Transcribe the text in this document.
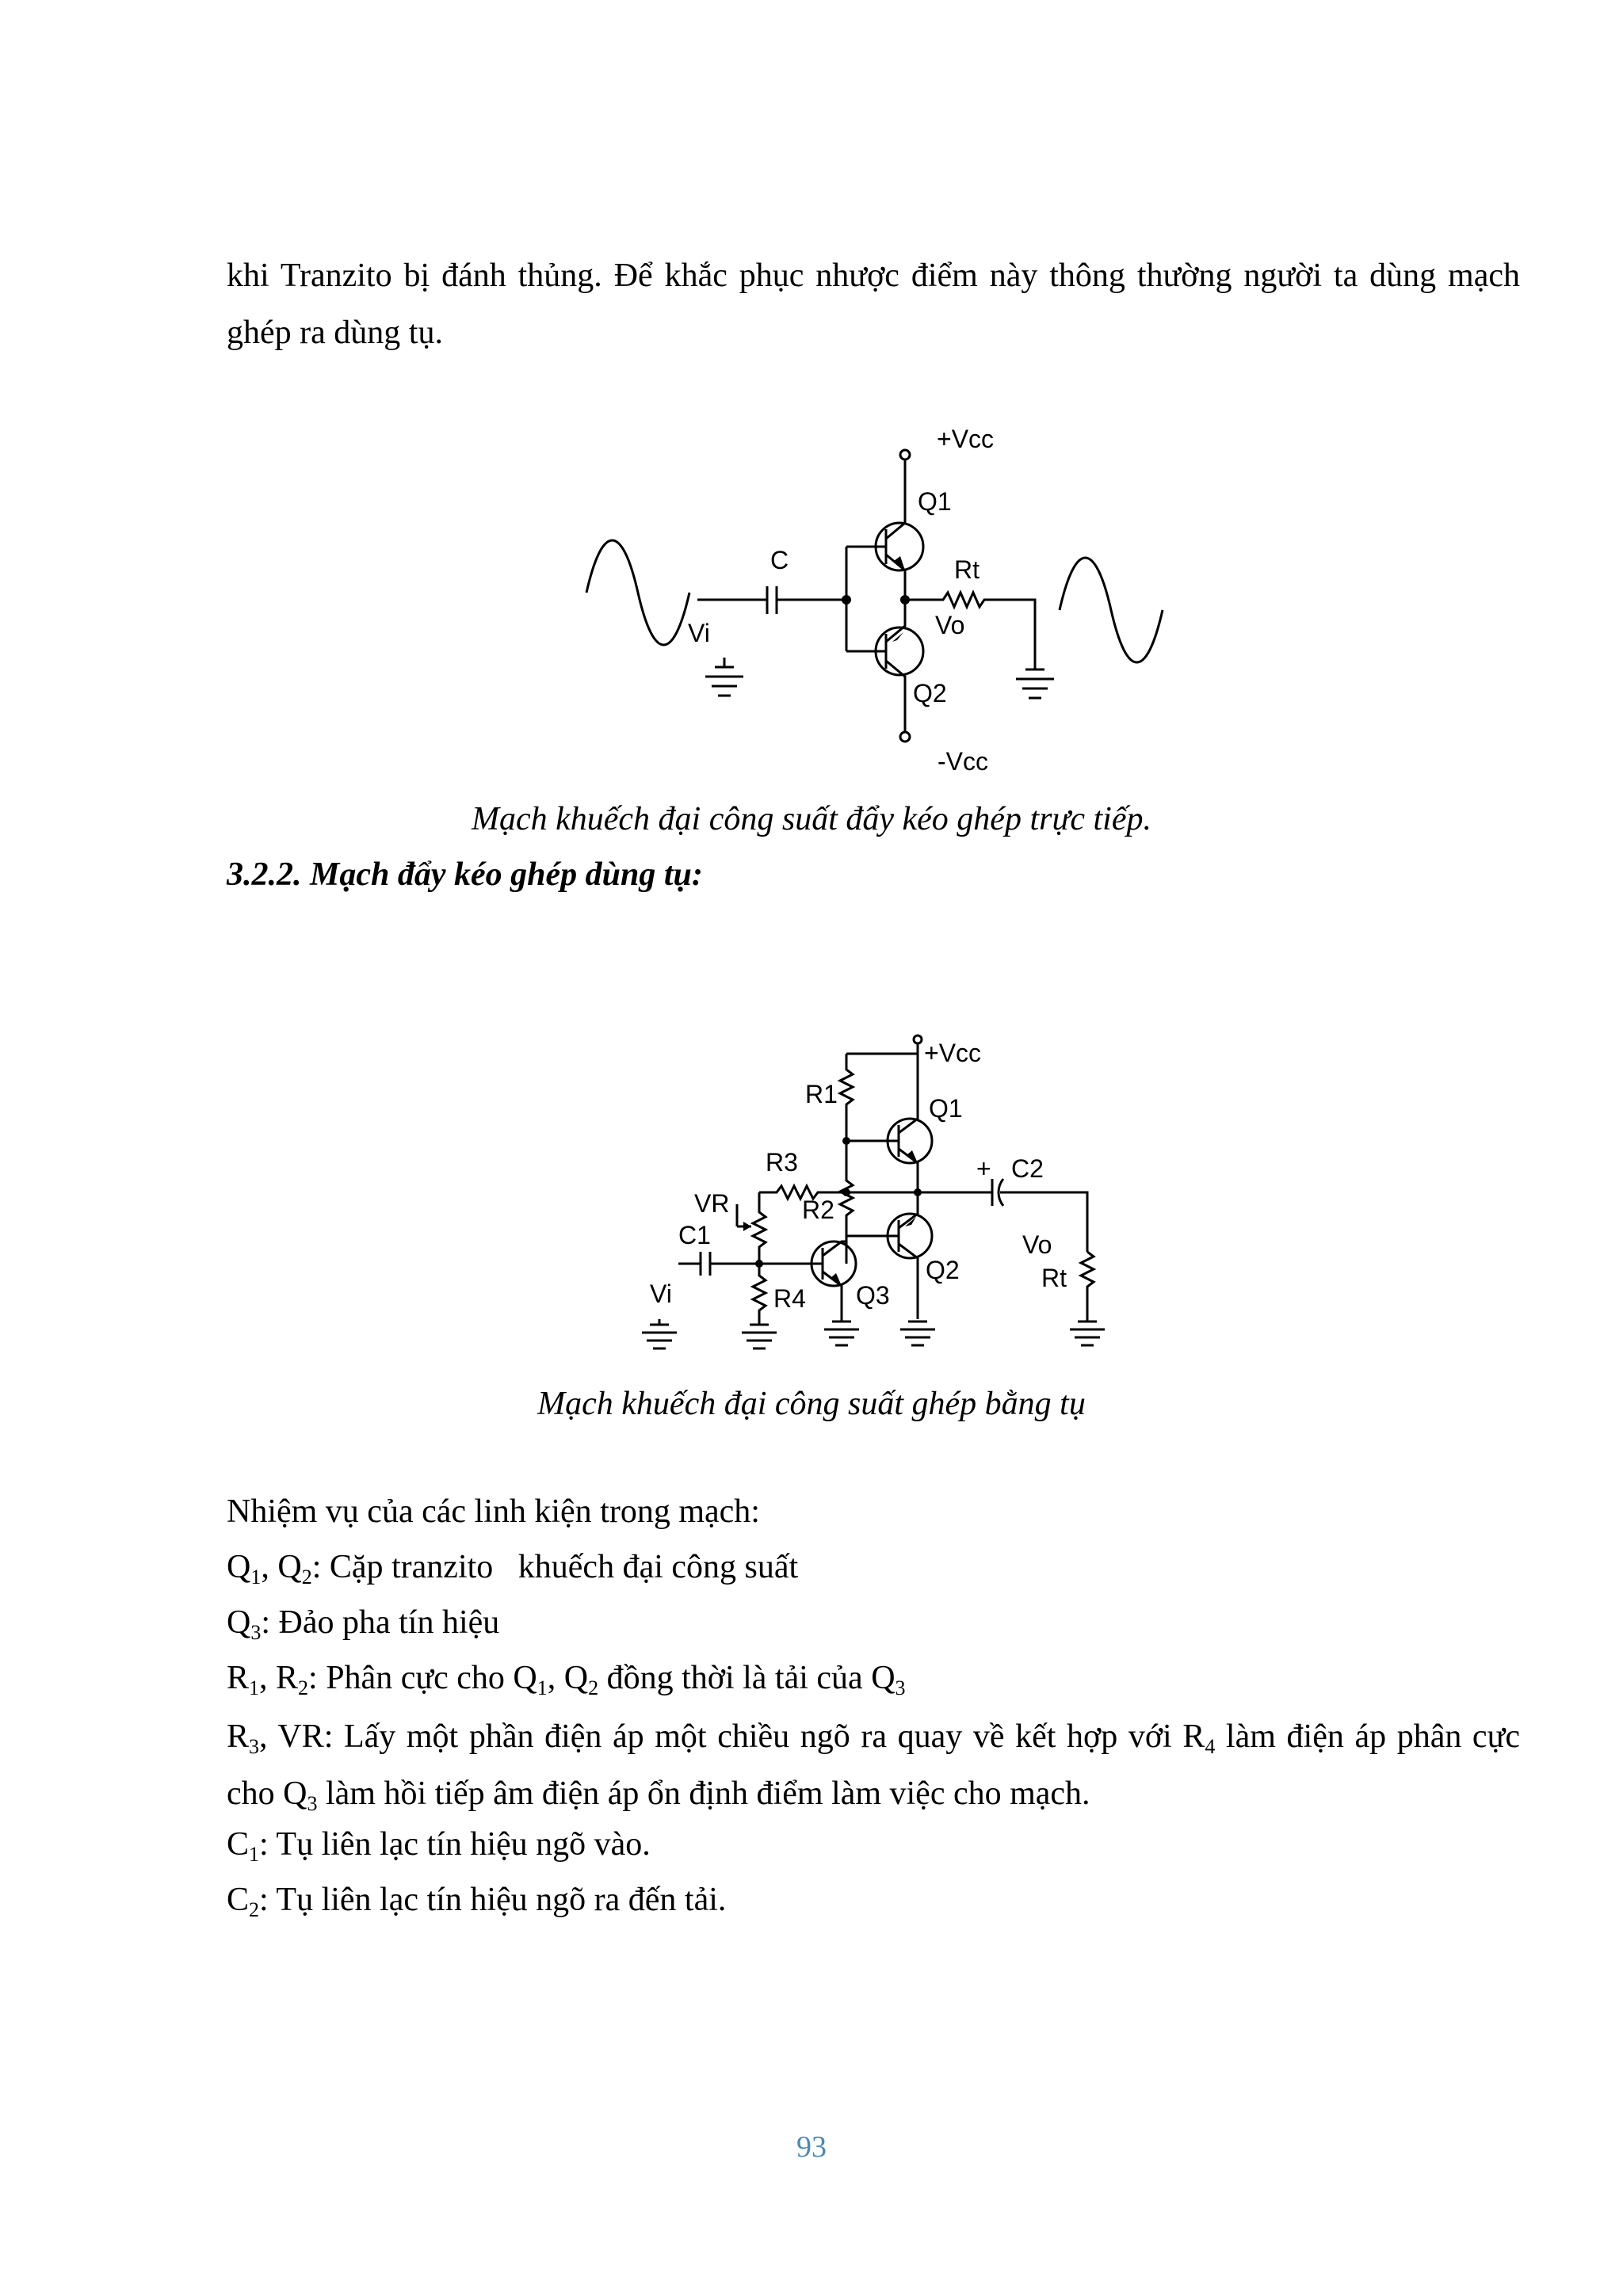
khi Tranzito bị đánh thủng. Để khắc phục nhược điểm này thông thường người ta dùng mạch ghép ra dùng tụ.

+Vcc
Q1
C	Rt
Vi	Vo
Q2
-Vcc

Mạch khuếch đại công suất đẩy kéo ghép trực tiếp.

3.2.2. Mạch đẩy kéo ghép dùng tụ:

+Vcc
R1	Q1
R3	+ C2
VR	R2
C1
Q2
Vo
Rt
Vi	R4 Q3

Mạch khuếch đại công suất ghép bằng tụ

Nhiệm vụ của các linh kiện trong mạch:

$Q_1$, $Q_2$: Cặp tranzito   khuếch đại công suất

$Q_3$: Đảo pha tín hiệu

$R_1$, $R_2$: Phân cực cho $Q_1$, $Q_2$ đồng thời là tải của $Q_3$

$R_3$, VR: Lấy một phần điện áp một chiều ngõ ra quay về kết hợp với $R_4$ làm điện áp phân cực cho $Q_3$ làm hồi tiếp âm điện áp ổn định điểm làm việc cho mạch.

$C_1$: Tụ liên lạc tín hiệu ngõ vào.

$C_2$: Tụ liên lạc tín hiệu ngõ ra đến tải.

93
